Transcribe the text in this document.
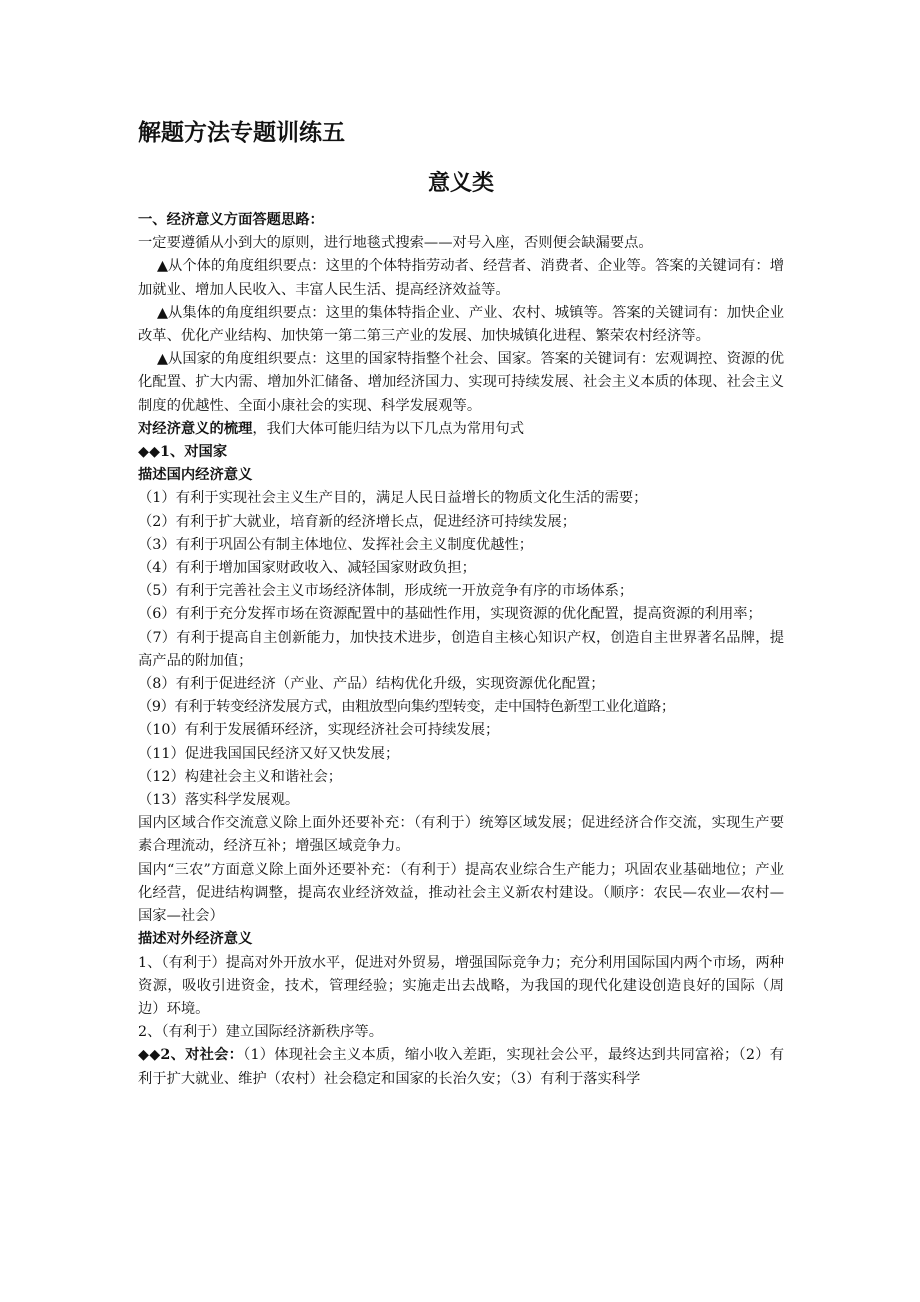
解题方法专题训练五
意义类

一、经济意义方面答题思路：

一定要遵循从小到大的原则，进行地毯式搜索——对号入座，否则便会缺漏要点。

▲从个体的角度组织要点：这里的个体特指劳动者、经营者、消费者、企业等。答案的关键词有：增加就业、增加人民收入、丰富人民生活、提高经济效益等。

▲从集体的角度组织要点：这里的集体特指企业、产业、农村、城镇等。答案的关键词有：加快企业改革、优化产业结构、加快第一第二第三产业的发展、加快城镇化进程、繁荣农村经济等。

▲从国家的角度组织要点：这里的国家特指整个社会、国家。答案的关键词有：宏观调控、资源的优化配置、扩大内需、增加外汇储备、增加经济国力、实现可持续发展、社会主义本质的体现、社会主义制度的优越性、全面小康社会的实现、科学发展观等。

对经济意义的梳理，我们大体可能归结为以下几点为常用句式

◆◆1、对国家

描述国内经济意义

（1）有利于实现社会主义生产目的，满足人民日益增长的物质文化生活的需要；

（2）有利于扩大就业，培育新的经济增长点，促进经济可持续发展；

（3）有利于巩固公有制主体地位、发挥社会主义制度优越性；

（4）有利于增加国家财政收入、减轻国家财政负担；

（5）有利于完善社会主义市场经济体制，形成统一开放竞争有序的市场体系；

（6）有利于充分发挥市场在资源配置中的基础性作用，实现资源的优化配置，提高资源的利用率；

（7）有利于提高自主创新能力，加快技术进步，创造自主核心知识产权，创造自主世界著名品牌，提高产品的附加值；

（8）有利于促进经济（产业、产品）结构优化升级，实现资源优化配置；

（9）有利于转变经济发展方式，由粗放型向集约型转变，走中国特色新型工业化道路；

（10）有利于发展循环经济，实现经济社会可持续发展；

（11）促进我国国民经济又好又快发展；

（12）构建社会主义和谐社会；

（13）落实科学发展观。

国内区域合作交流意义除上面外还要补充：（有利于）统筹区域发展；促进经济合作交流，实现生产要素合理流动，经济互补；增强区域竞争力。

国内“三农”方面意义除上面外还要补充：（有利于）提高农业综合生产能力；巩固农业基础地位；产业化经营，促进结构调整，提高农业经济效益，推动社会主义新农村建设。（顺序：农民—农业—农村—国家—社会）

描述对外经济意义

1、（有利于）提高对外开放水平，促进对外贸易，增强国际竞争力；充分利用国际国内两个市场，两种资源，吸收引进资金，技术，管理经验；实施走出去战略，为我国的现代化建设创造良好的国际（周边）环境。

2、（有利于）建立国际经济新秩序等。

◆◆2、对社会：（1）体现社会主义本质，缩小收入差距，实现社会公平，最终达到共同富裕；（2）有利于扩大就业、维护（农村）社会稳定和国家的长治久安；（3）有利于落实科学
